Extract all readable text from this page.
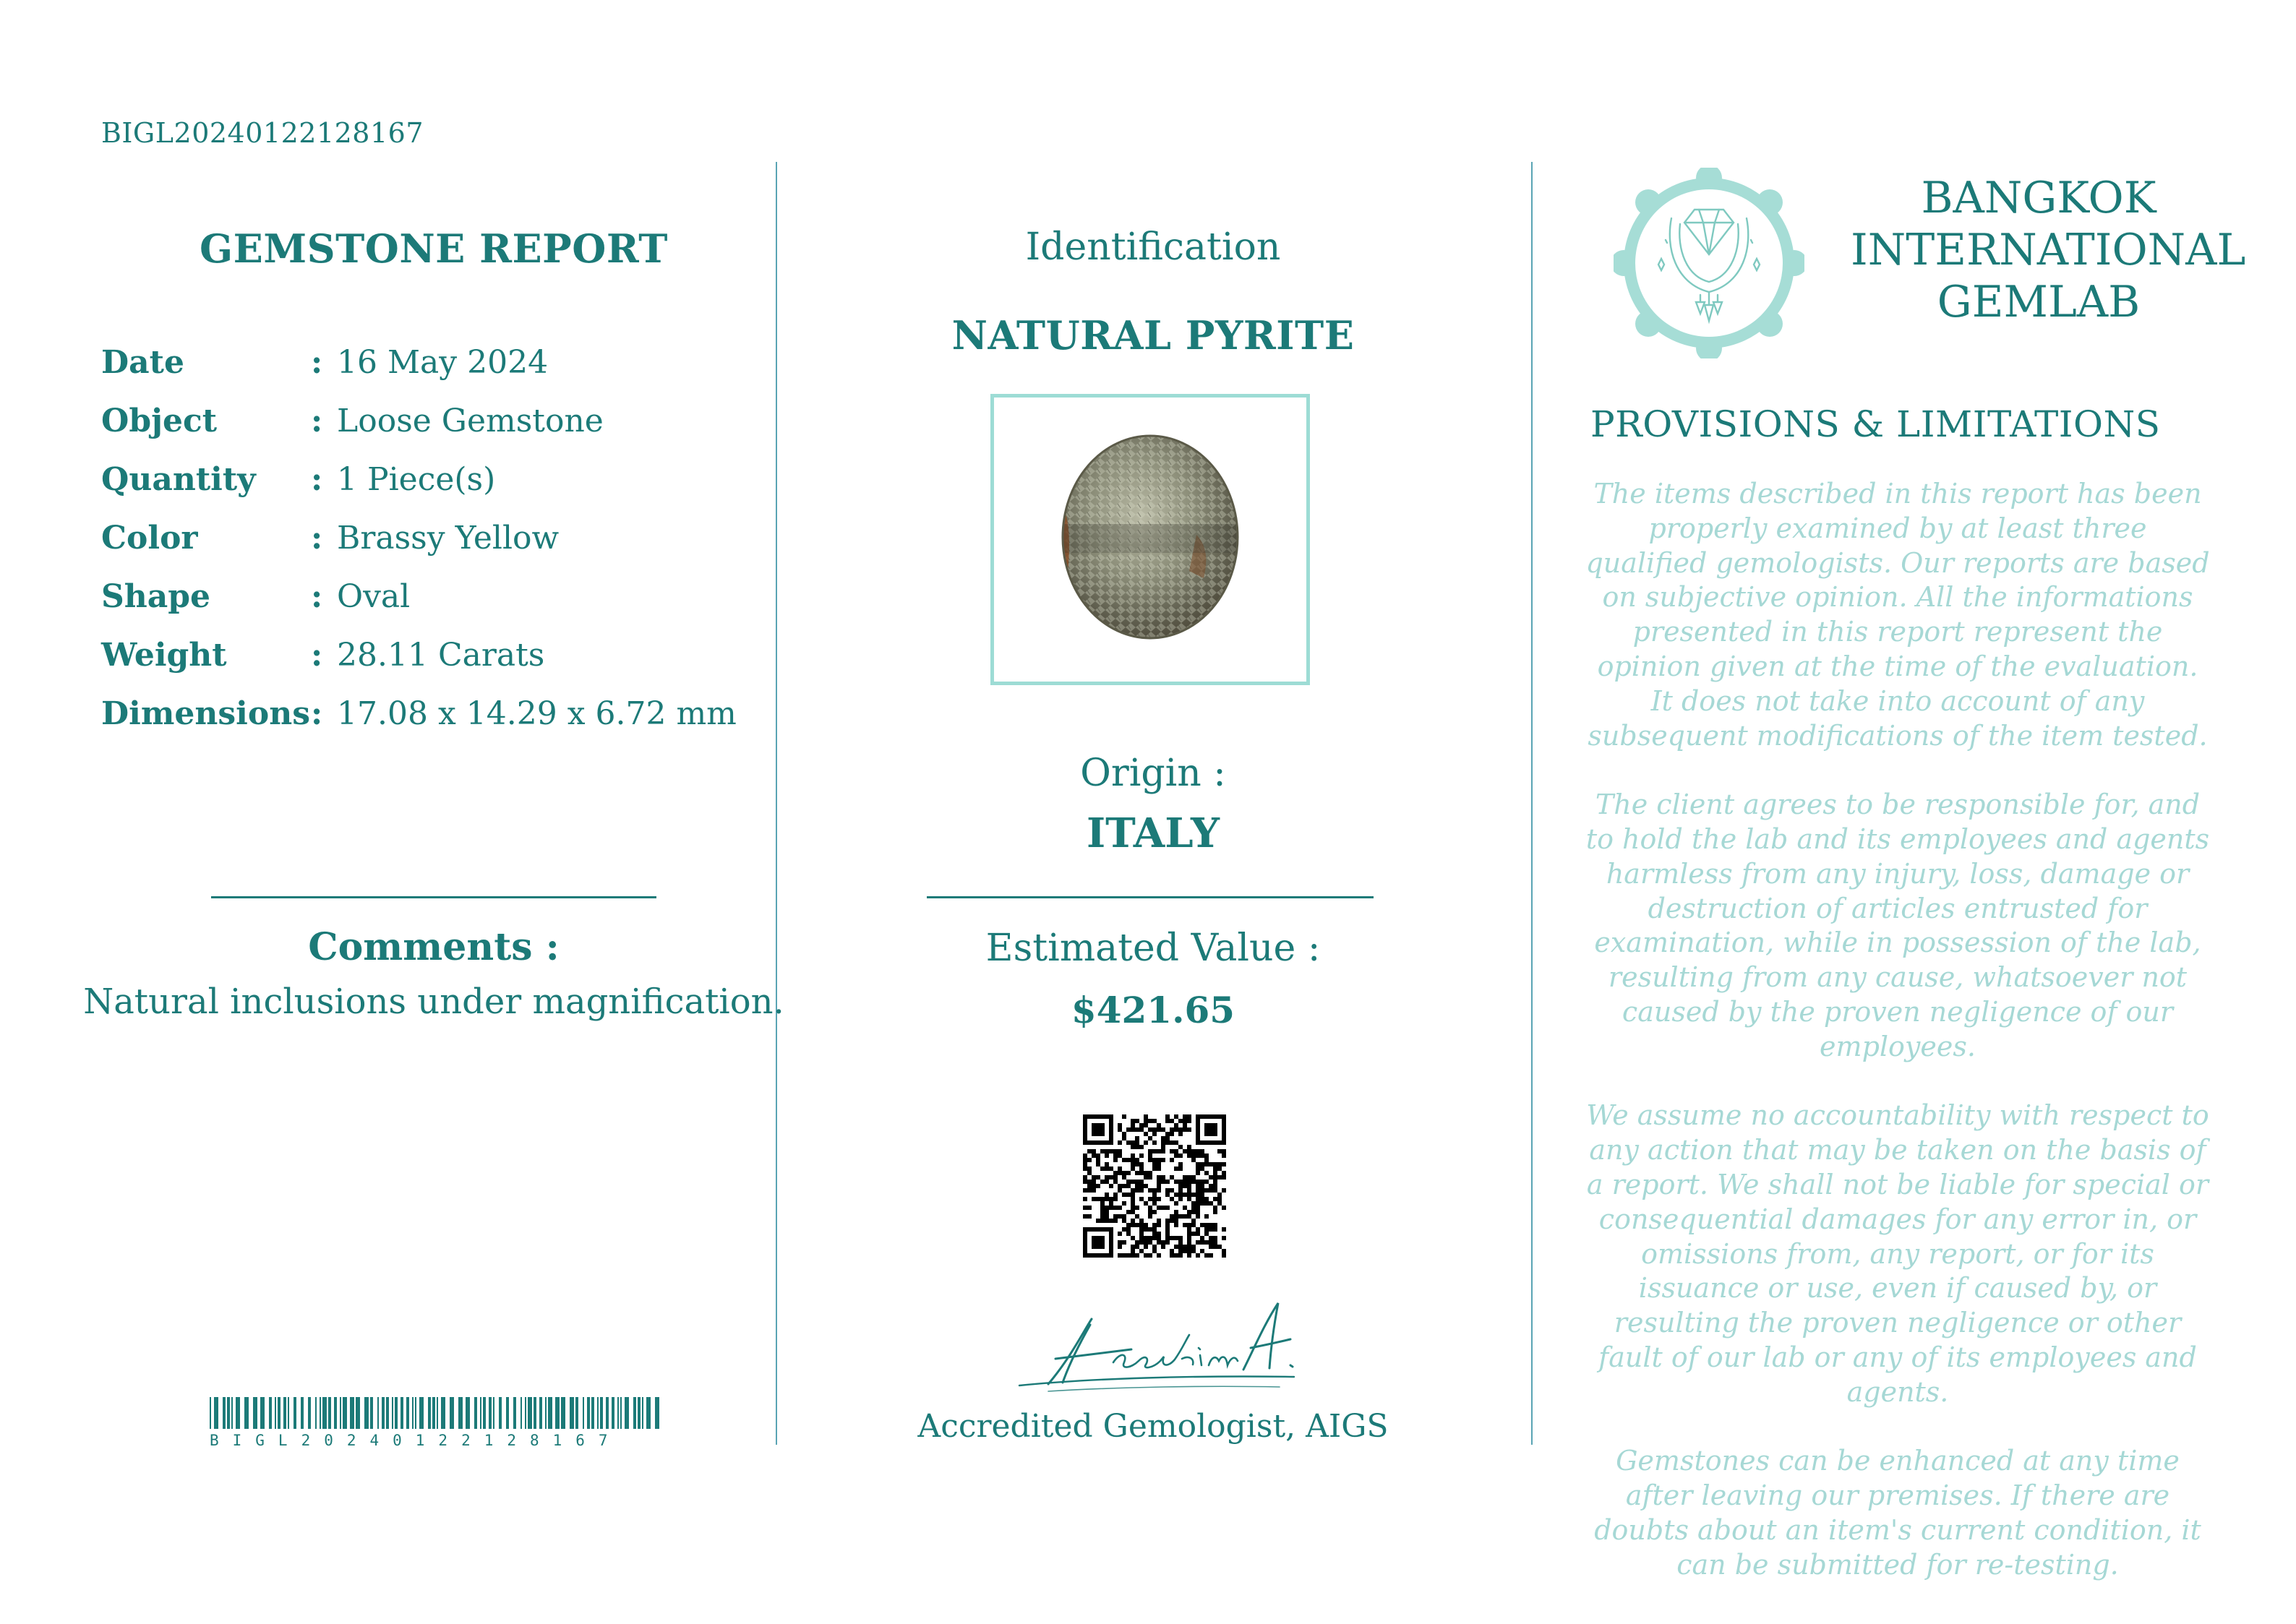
BIGL20240122128167
GEMSTONE REPORT
Date	: 16 May 2024
Object	: Loose Gemstone
Quantity	: 1 Piece(s)
Color	: Brassy Yellow
Shape	: Oval
Weight	: 28.11 Carats
Dimensions : 17.08 x 14.29 x 6.72 mm
Comments :
Natural inclusions under magnification.
BIGL20240122128167
Identification
NATURAL PYRITE
Origin :
ITALY
Estimated Value :
$421.65
Accredited Gemologist, AIGS
BANGKOK
INTERNATIONAL
GEMLAB
PROVISIONS & LIMITATIONS

The items described in this report has been properly examined by at least three qualified gemologists. Our reports are based on subjective opinion. All the informations presented in this report represent the opinion given at the time of the evaluation. It does not take into account of any subsequent modifications of the item tested.

The client agrees to be responsible for, and to hold the lab and its employees and agents harmless from any injury, loss, damage or destruction of articles entrusted for examination, while in possession of the lab, resulting from any cause, whatsoever not caused by the proven negligence of our employees.

We assume no accountability with respect to any action that may be taken on the basis of a report. We shall not be liable for special or consequential damages for any error in, or omissions from, any report, or for its issuance or use, even if caused by, or resulting the proven negligence or other fault of our lab or any of its employees and agents.

Gemstones can be enhanced at any time after leaving our premises. If there are doubts about an item's current condition, it can be submitted for re-testing.
